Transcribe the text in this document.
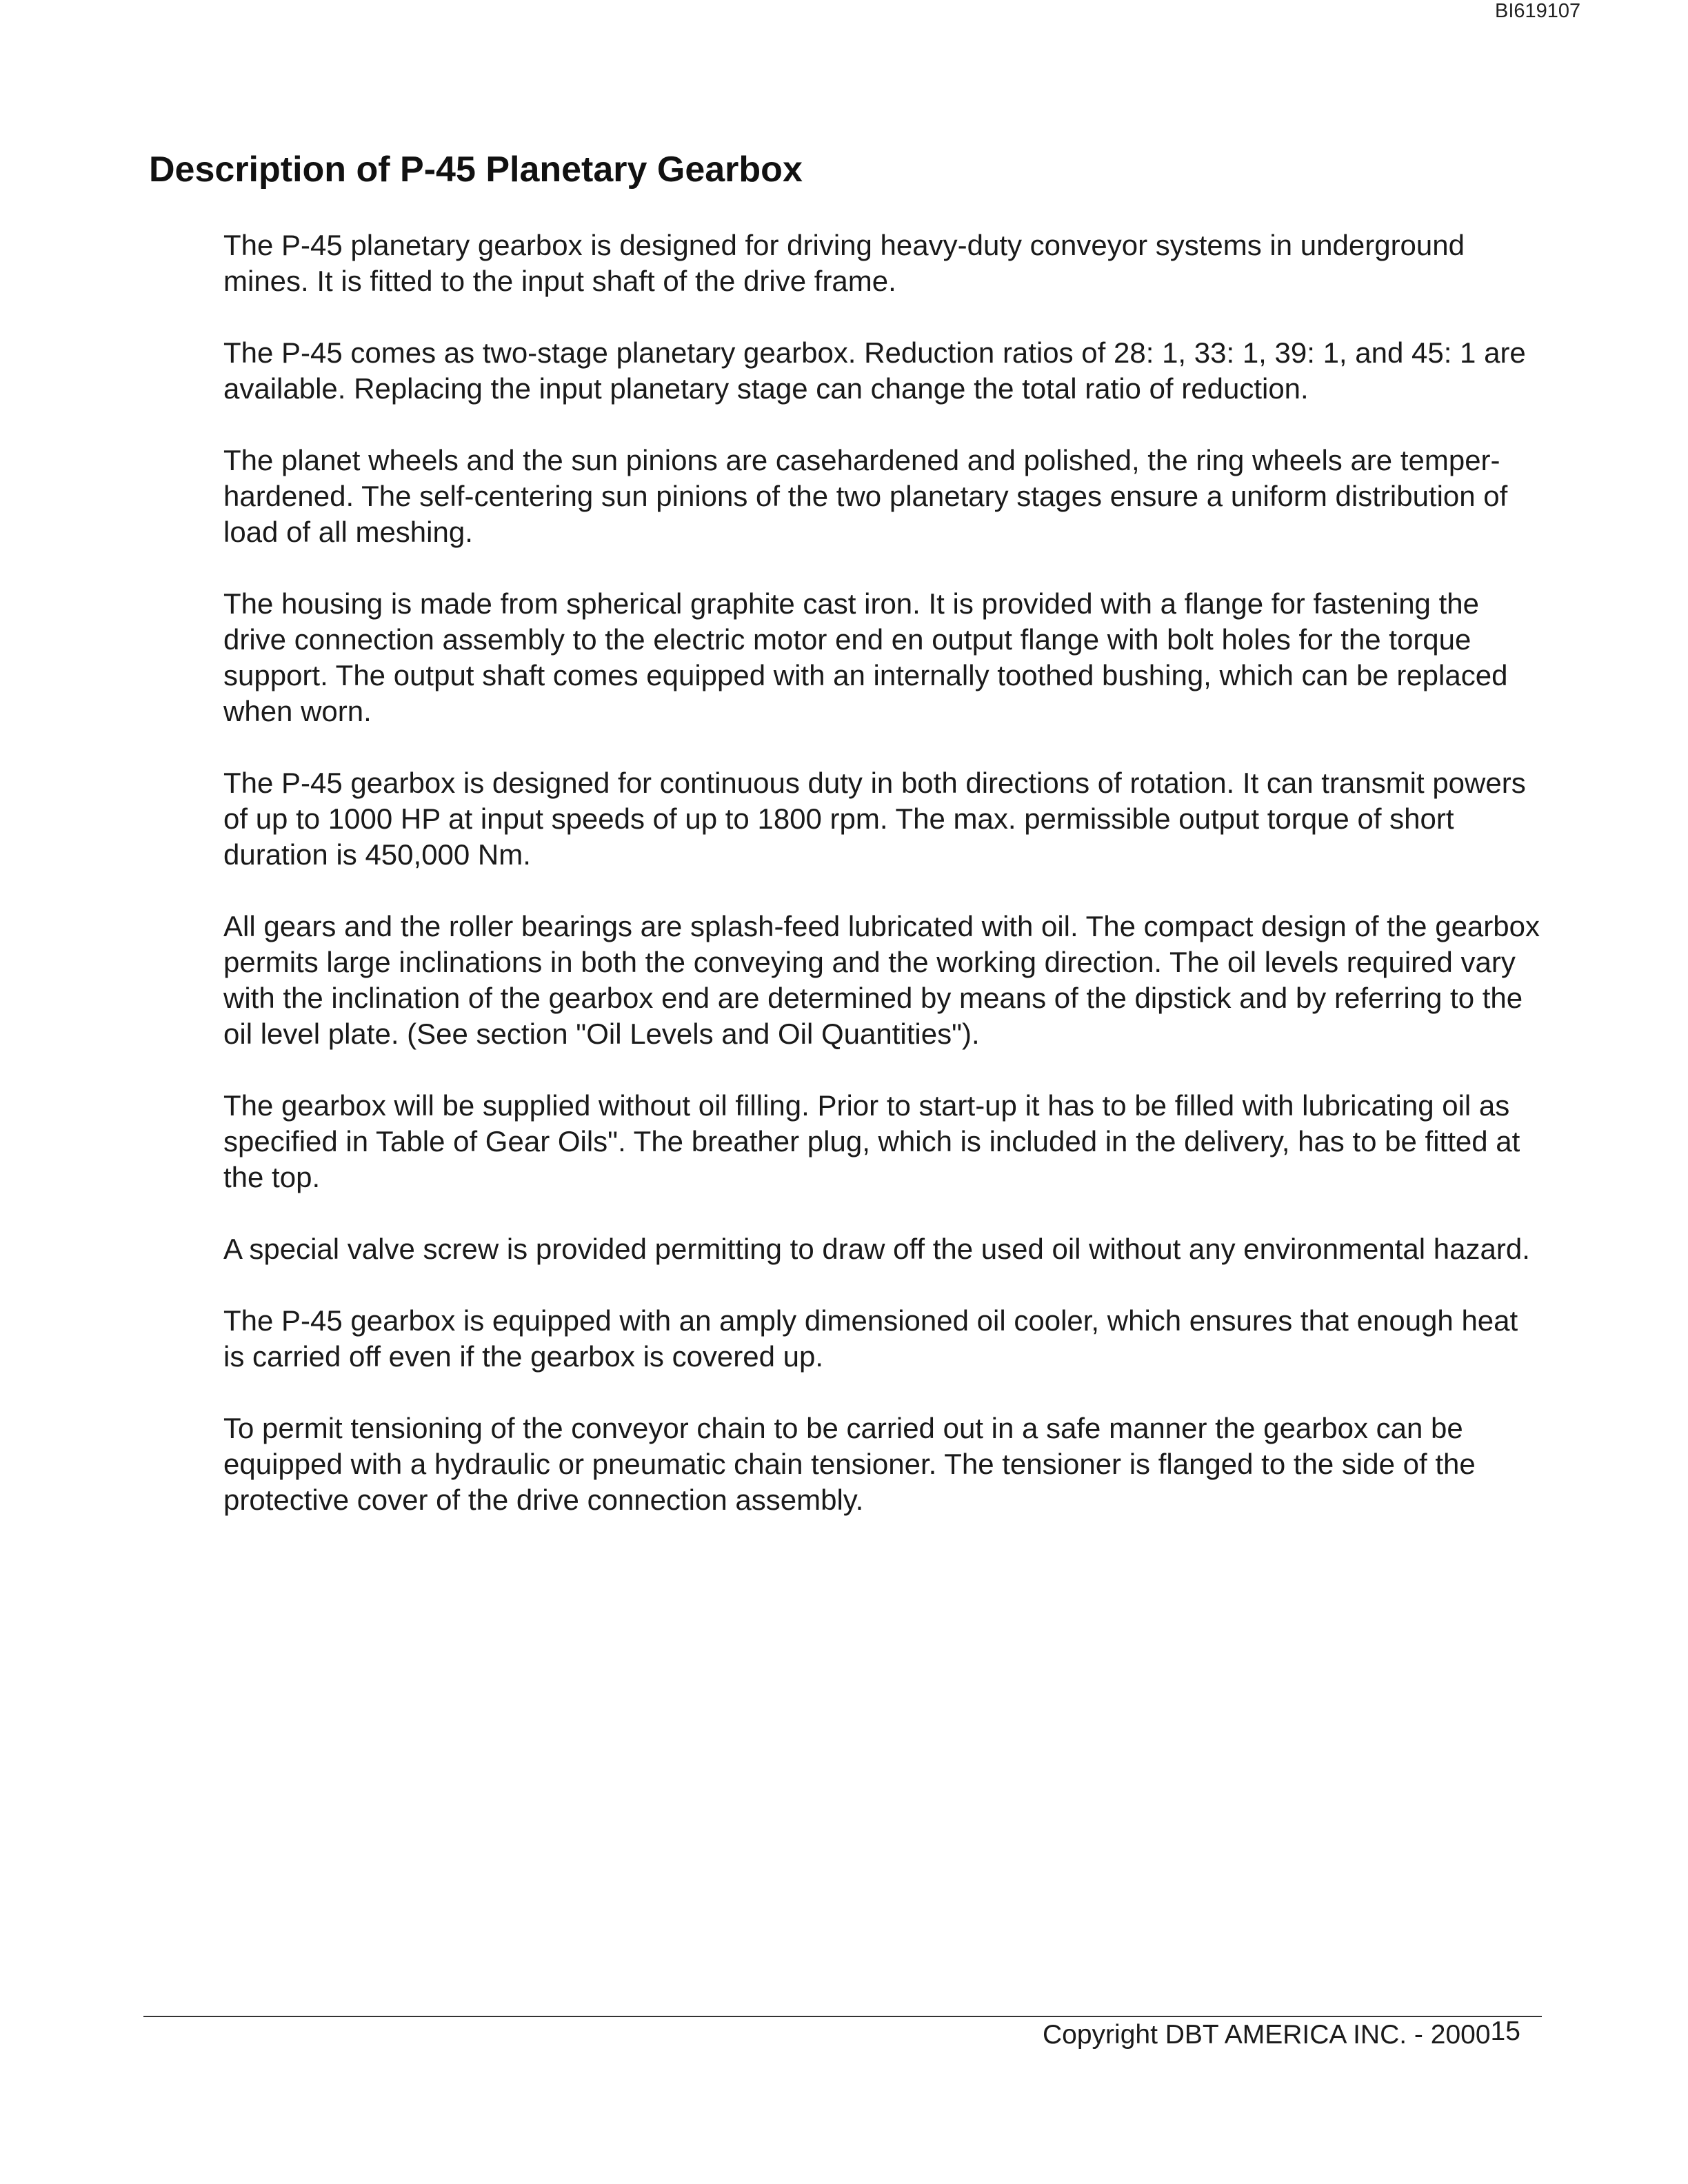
BI619107
Description of P-45 Planetary Gearbox

The P-45 planetary gearbox is designed for driving heavy-duty conveyor systems in underground mines. It is fitted to the input shaft of the drive frame.

The P-45 comes as two-stage planetary gearbox. Reduction ratios of 28: 1, 33: 1, 39: 1, and 45: 1 are available. Replacing the input planetary stage can change the total ratio of reduction.

The planet wheels and the sun pinions are casehardened and polished, the ring wheels are temper-hardened. The self-centering sun pinions of the two planetary stages ensure a uniform distribution of load of all meshing.

The housing is made from spherical graphite cast iron. It is provided with a flange for fastening the drive connection assembly to the electric motor end en output flange with bolt holes for the torque support. The output shaft comes equipped with an internally toothed bushing, which can be replaced when worn.

The P-45 gearbox is designed for continuous duty in both directions of rotation. It can transmit powers of up to 1000 HP at input speeds of up to 1800 rpm. The max. permissible output torque of short duration is 450,000 Nm.

All gears and the roller bearings are splash-feed lubricated with oil. The compact design of the gearbox permits large inclinations in both the conveying and the working direction. The oil levels required vary with the inclination of the gearbox end are determined by means of the dipstick and by referring to the oil level plate. (See section "Oil Levels and Oil Quantities").

The gearbox will be supplied without oil filling. Prior to start-up it has to be filled with lubricating oil as specified in Table of Gear Oils". The breather plug, which is included in the delivery, has to be fitted at the top.

A special valve screw is provided permitting to draw off the used oil without any environmental hazard.

The P-45 gearbox is equipped with an amply dimensioned oil cooler, which ensures that enough heat is carried off even if the gearbox is covered up.

To permit tensioning of the conveyor chain to be carried out in a safe manner the gearbox can be equipped with a hydraulic or pneumatic chain tensioner. The tensioner is flanged to the side of the protective cover of the drive connection assembly.

Copyright DBT AMERICA INC. - 200015
